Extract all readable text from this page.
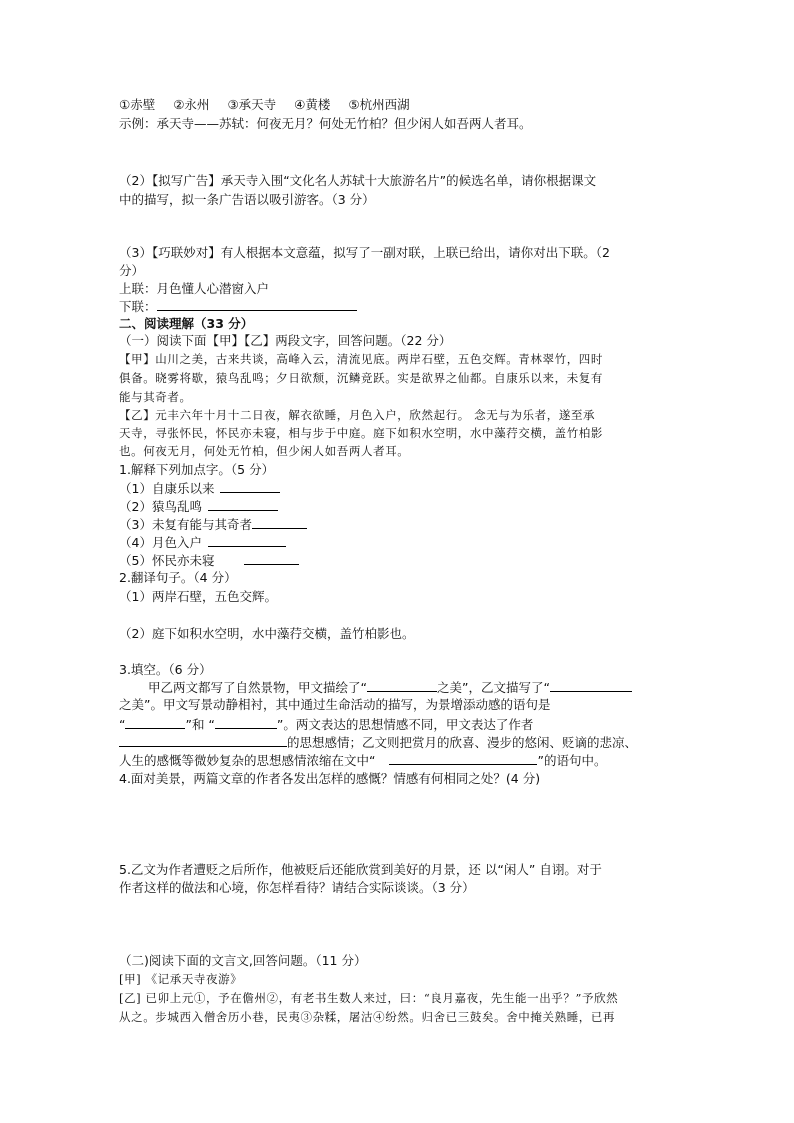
①赤壁 ②永州 ③承天寺 ④黄楼 ⑤杭州西湖
示例：承天寺——苏轼：何夜无月？何处无竹柏？但少闲人如吾两人者耳。
（2）【拟写广告】承天寺入围“文化名人苏轼十大旅游名片”的候选名单，请你根据课文
中的描写，拟一条广告语以吸引游客。（3 分）
（3）【巧联妙对】有人根据本文意蕴，拟写了一副对联，上联已给出，请你对出下联。（2
分）
上联：月色懂人心潜窗入户
下联：
二、阅读理解（33 分）
（一）阅读下面【甲】【乙】两段文字，回答问题。（22 分）
【甲】山川之美，古来共谈，高峰入云，清流见底。两岸石壁，五色交辉。青林翠竹，四时
俱备。晓雾将歇，猿鸟乱鸣；夕日欲颓，沉鳞竞跃。实是欲界之仙都。自康乐以来，未复有
能与其奇者。
【乙】元丰六年十月十二日夜，解衣欲睡，月色入户，欣然起行。 念无与为乐者，遂至承
天寺，寻张怀民，怀民亦未寝，相与步于中庭。庭下如积水空明，水中藻荇交横，盖竹柏影
也。何夜无月，何处无竹柏，但少闲人如吾两人者耳。
1.解释下列加点字。（5 分）
（1）自康乐以来
（2）猿鸟乱鸣
（3）未复有能与其奇者
（4）月色入户
（5）怀民亦未寝
2.翻译句子。（4 分）
（1）两岸石壁，五色交辉。
（2）庭下如积水空明，水中藻荇交横，盖竹柏影也。
3.填空。（6 分）
甲乙两文都写了自然景物，甲文描绘了“	之美”，乙文描写了“
之美”。甲文写景动静相衬，其中通过生命活动的描写，为景增添动感的语句是
“	”和 “	”。两文表达的思想情感不同，甲文表达了作者
的思想感情；乙文则把赏月的欣喜、漫步的悠闲、贬谪的悲凉、
人生的感慨等微妙复杂的思想感情浓缩在文中“	”的语句中。
4.面对美景，两篇文章的作者各发出怎样的感慨？情感有何相同之处？(4 分)
5.乙文为作者遭贬之后所作，他被贬后还能欣赏到美好的月景，还 以“闲人” 自诩。对于
作者这样的做法和心境，你怎样看待？请结合实际谈谈。（3 分）
（二)阅读下面的文言文,回答问题。（11 分）
[甲] 《记承天寺夜游》
[乙] 已卯上元①，予在儋州②，有老书生数人来过，曰：“良月嘉夜，先生能一出乎？”予欣然
从之。步城西入僧舍历小巷，民夷③杂糅，屠沽④纷然。归舍已三鼓矣。舍中掩关熟睡，已再
